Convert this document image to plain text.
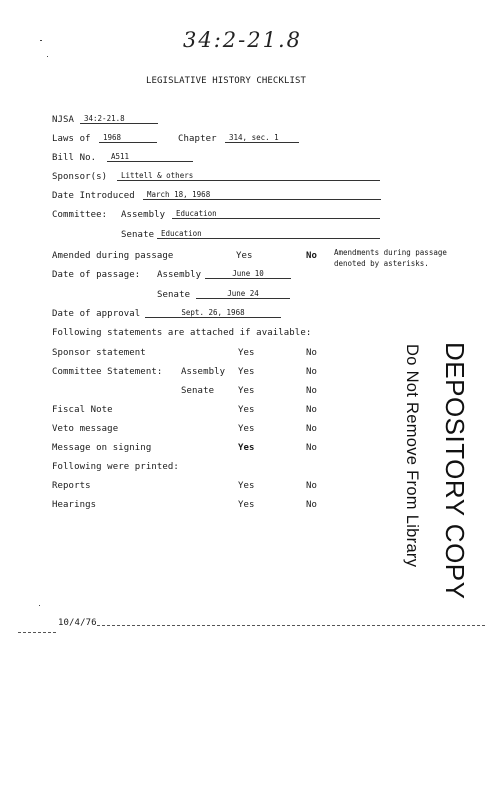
34:2-21.8
LEGISLATIVE HISTORY CHECKLIST
NJSA	34:2-21.8
Laws of	1968	Chapter	314, sec. 1
Bill No.	A511
Sponsor(s)	Littell & others
Date Introduced	March 18, 1968
Committee: Assembly	Education
Senate Education
Amended during passage	Yes	No Amendments during passage
denoted by asterisks.
Date of passage: Assembly	June 10
Senate	June 24
Date of approval	Sept. 26, 1968
Following statements are attached if available:
Sponsor statement	Yes	No
Committee Statement: Assembly Yes	No
Senate	Yes	No
Fiscal Note	Yes	No
Veto message	Yes	No
Message on signing	Yes	No
Following were printed:
Reports	Yes	No
Hearings	Yes	No	DEPOSITORY COPY
Do Not Remove From Library
10/4/76
